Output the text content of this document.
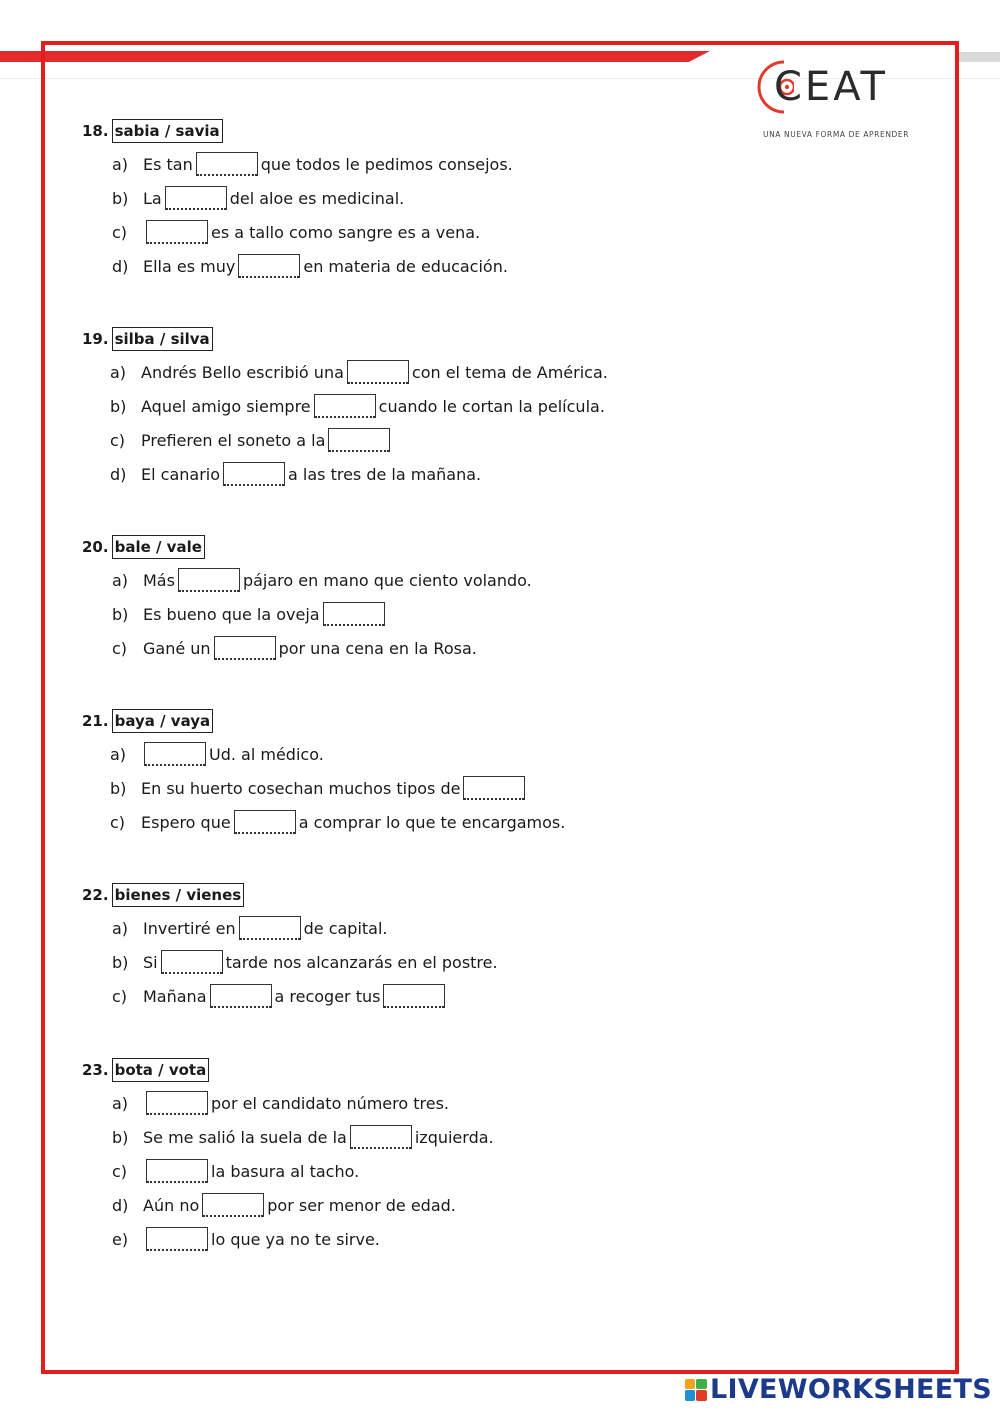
CEAT
UNA NUEVA FORMA DE APRENDER
18. sabia / savia
a) Es tan	que todos le pedimos consejos.
b) La	del aloe es medicinal.
c)	es a tallo como sangre es a vena.
d) Ella es muy	en materia de educación.
19. silba / silva
a) Andrés Bello escribió una	con el tema de América.
b) Aquel amigo siempre	cuando le cortan la película.
c) Prefieren el soneto a la
d) El canario	a las tres de la mañana.
20. bale / vale
a) Más	pájaro en mano que ciento volando.
b) Es bueno que la oveja
c) Gané un	por una cena en la Rosa.
21. baya / vaya
a)	Ud. al médico.
b) En su huerto cosechan muchos tipos de
c) Espero que	a comprar lo que te encargamos.
22. bienes / vienes
a) Invertiré en	de capital.
b) Si	tarde nos alcanzarás en el postre.
c) Mañana	a recoger tus
23. bota / vota
a)	por el candidato número tres.
b) Se me salió la suela de la	izquierda.
c)	la basura al tacho.
d) Aún no	por ser menor de edad.
e)	lo que ya no te sirve.
LIVEWORKSHEETS
